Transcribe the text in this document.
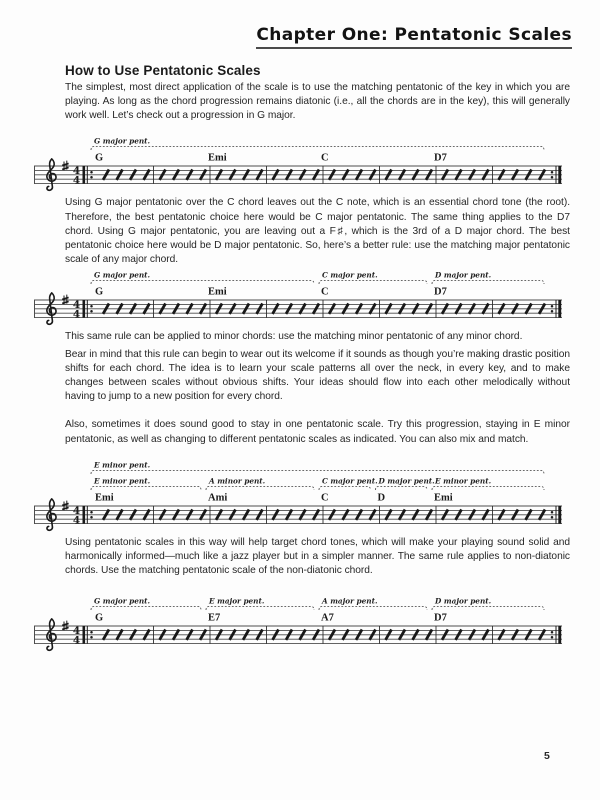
Chapter One: Pentatonic Scales
How to Use Pentatonic Scales

The simplest, most direct application of the scale is to use the matching pentatonic of the key in which you are playing. As long as the chord progression remains diatonic (i.e., all the chords are in the key), this will generally work well. Let’s check out a progression in G major.

4
4
G	Emi	C	D7
G major pent.

Using G major pentatonic over the C chord leaves out the C note, which is an essential chord tone (the root). Therefore, the best pentatonic choice here would be C major pentatonic. The same thing applies to the D7 chord. Using G major pentatonic, you are leaving out a F♯, which is the 3rd of a D major chord. The best pentatonic choice here would be D major pentatonic. So, here’s a better rule: use the matching major pentatonic scale of any major chord.

4
4
G	Emi	C	D7
G major pent.	C major pent.	D major pent.

This same rule can be applied to minor chords: use the matching minor pentatonic of any minor chord.

Bear in mind that this rule can begin to wear out its welcome if it sounds as though you’re making drastic position shifts for each chord. The idea is to learn your scale patterns all over the neck, in every key, and to make changes between scales without obvious shifts. Your ideas should flow into each other melodically without having to jump to a new position for every chord.

Also, sometimes it does sound good to stay in one pentatonic scale. Try this progression, staying in E minor pentatonic, as well as changing to different pentatonic scales as indicated. You can also mix and match.

4
4
Emi	Ami	C	D	Emi
E minor pent.
E minor pent.	A minor pent.	C major pent. D major pent. E minor pent.

Using pentatonic scales in this way will help target chord tones, which will make your playing sound solid and harmonically informed—much like a jazz player but in a simpler manner. The same rule applies to non-diatonic chords. Use the matching pentatonic scale of the non-diatonic chord.

4
4
G	E7	A7	D7
G major pent.	E major pent.	A major pent.	D major pent.
5
